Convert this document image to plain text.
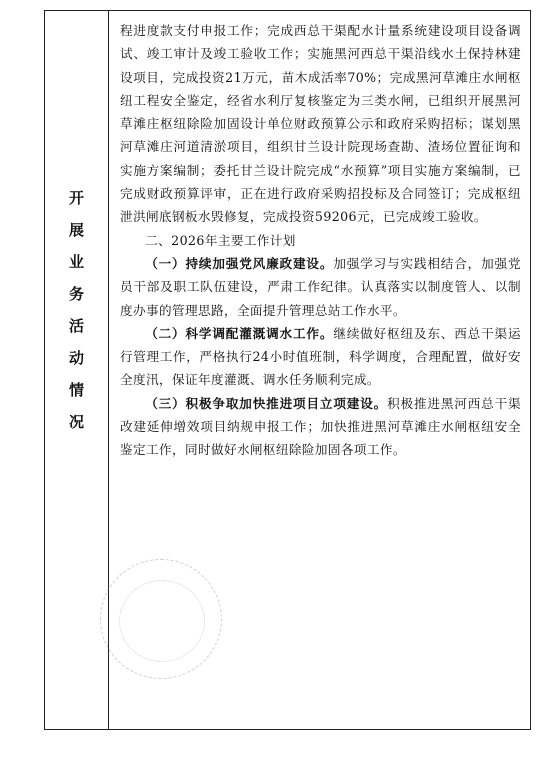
开
展
业
务
活
动
情
况

程进度款支付申报工作；完成西总干渠配水计量系统建设项目设备调试、竣工审计及竣工验收工作；实施黑河西总干渠沿线水土保持林建设项目，完成投资21万元，苗木成活率70%；完成黑河草滩庄水闸枢纽工程安全鉴定，经省水利厅复核鉴定为三类水闸，已组织开展黑河草滩庄枢纽除险加固设计单位财政预算公示和政府采购招标；谋划黑河草滩庄河道清淤项目，组织甘兰设计院现场查勘、渣场位置征询和实施方案编制；委托甘兰设计院完成“水预算”项目实施方案编制，已完成财政预算评审，正在进行政府采购招投标及合同签订；完成枢纽泄洪闸底钢板水毁修复，完成投资59206元，已完成竣工验收。

二、2026年主要工作计划

（一）持续加强党风廉政建设。加强学习与实践相结合，加强党员干部及职工队伍建设，严肃工作纪律。认真落实以制度管人、以制度办事的管理思路，全面提升管理总站工作水平。

（二）科学调配灌溉调水工作。继续做好枢纽及东、西总干渠运行管理工作，严格执行24小时值班制，科学调度，合理配置，做好安全度汛，保证年度灌溉、调水任务顺利完成。

（三）积极争取加快推进项目立项建设。积极推进黑河西总干渠改建延伸增效项目纳规申报工作；加快推进黑河草滩庄水闸枢纽安全鉴定工作，同时做好水闸枢纽除险加固各项工作。
